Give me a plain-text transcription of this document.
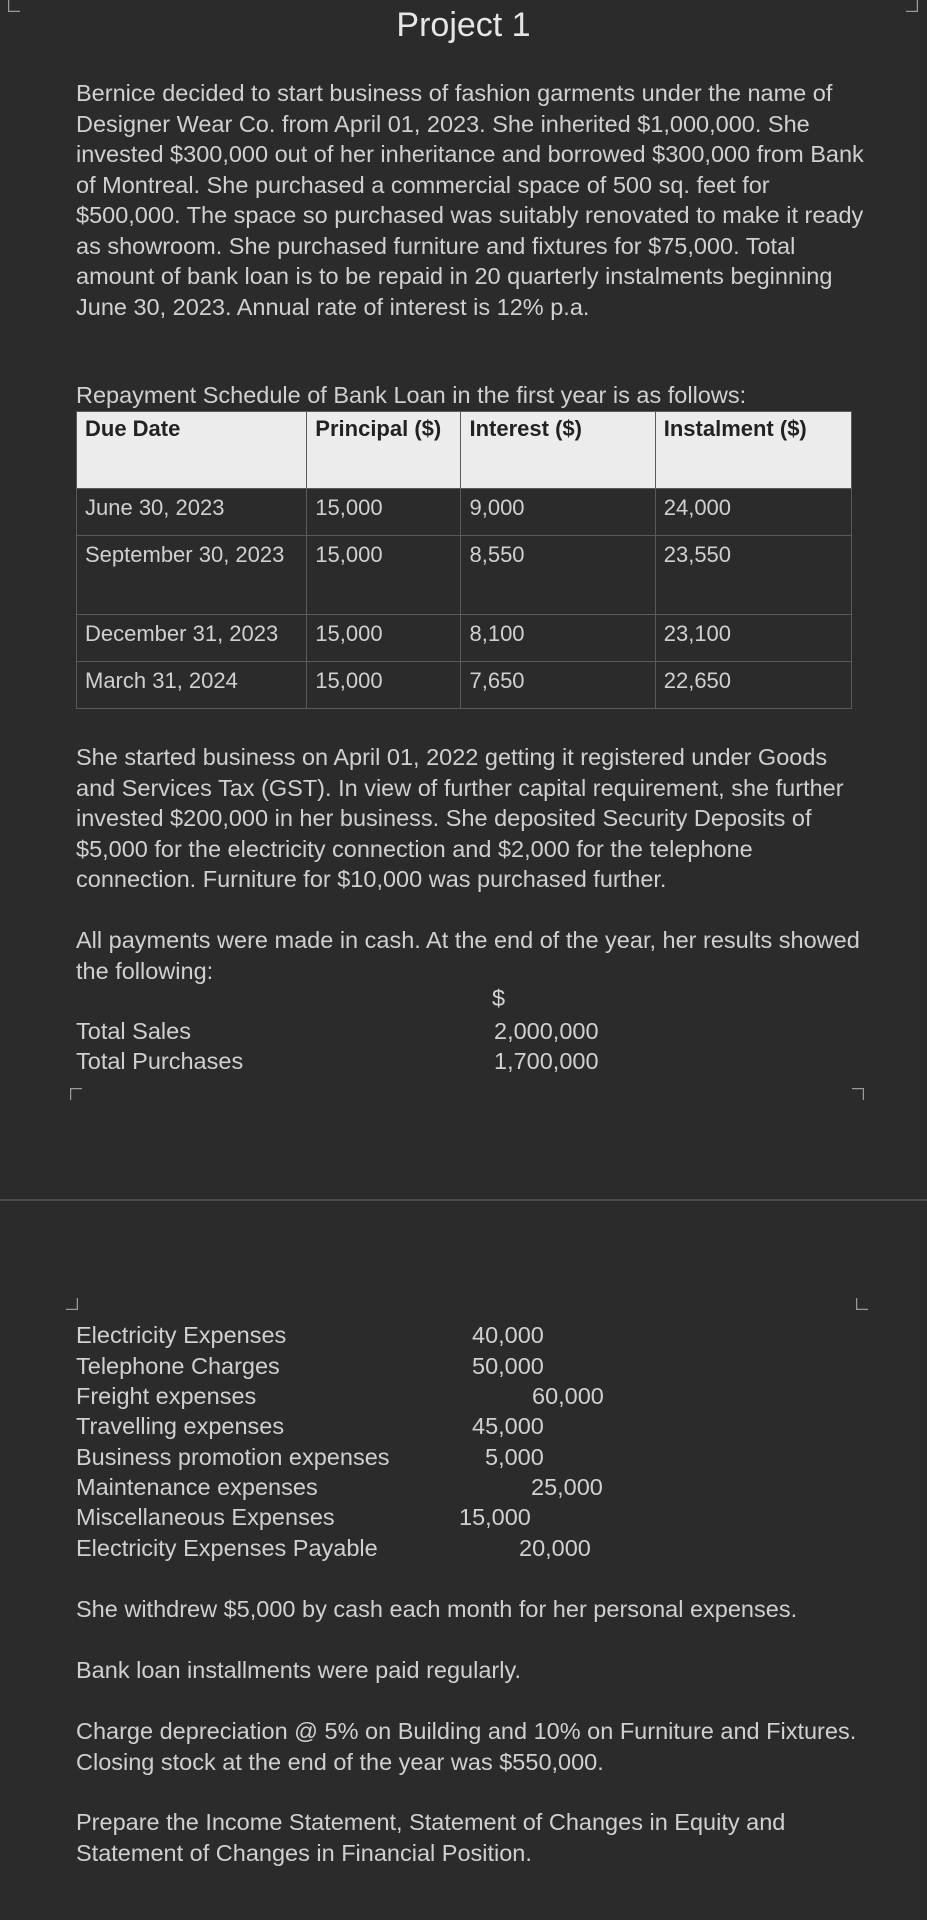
Project 1
Bernice decided to start business of fashion garments under the name of Designer Wear Co. from April 01, 2023. She inherited $1,000,000. She invested $300,000 out of her inheritance and borrowed $300,000 from Bank of Montreal. She purchased a commercial space of 500 sq. feet for $500,000. The space so purchased was suitably renovated to make it ready as showroom. She purchased furniture and fixtures for $75,000. Total amount of bank loan is to be repaid in 20 quarterly instalments beginning June 30, 2023. Annual rate of interest is 12% p.a.
Repayment Schedule of Bank Loan in the first year is as follows:
Due Date	Principal ($)	Interest ($)	Instalment ($)
June 30, 2023	15,000	9,000	24,000
September 30, 2023	15,000	8,550	23,550
December 31, 2023	15,000	8,100	23,100
March 31, 2024	15,000	7,650	22,650
She started business on April 01, 2022 getting it registered under Goods and Services Tax (GST). In view of further capital requirement, she further invested $200,000 in her business. She deposited Security Deposits of $5,000 for the electricity connection and $2,000 for the telephone connection. Furniture for $10,000 was purchased further.
All payments were made in cash. At the end of the year, her results showed the following:
$
Total Sales	2,000,000
Total Purchases	1,700,000
Electricity Expenses	40,000
Telephone Charges	50,000
Freight expenses	60,000
Travelling expenses	45,000
Business promotion expenses	5,000
Maintenance expenses	25,000
Miscellaneous Expenses	15,000
Electricity Expenses Payable	20,000
She withdrew $5,000 by cash each month for her personal expenses.
Bank loan installments were paid regularly.
Charge depreciation @ 5% on Building and 10% on Furniture and Fixtures. Closing stock at the end of the year was $550,000.
Prepare the Income Statement, Statement of Changes in Equity and Statement of Changes in Financial Position.
